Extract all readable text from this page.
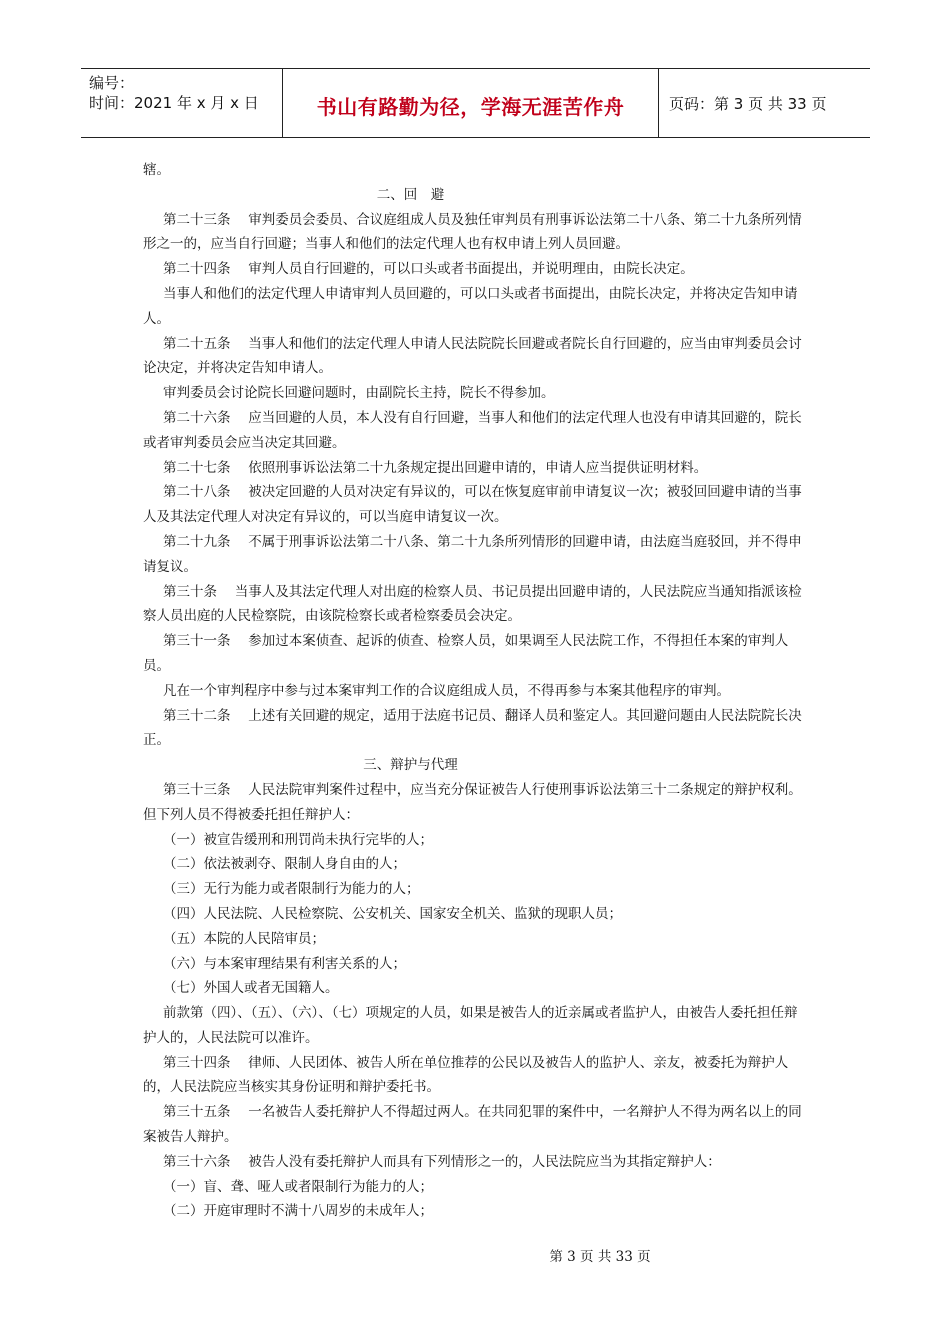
编号：
时间：2021 年 x 月 x 日	书山有路勤为径，学海无涯苦作舟	页码：第 3 页 共 33 页

辖。

二、回　避

第二十三条　 审判委员会委员、合议庭组成人员及独任审判员有刑事诉讼法第二十八条、第二十九条所列情形之一的，应当自行回避；当事人和他们的法定代理人也有权申请上列人员回避。

第二十四条　 审判人员自行回避的，可以口头或者书面提出，并说明理由，由院长决定。

当事人和他们的法定代理人申请审判人员回避的，可以口头或者书面提出，由院长决定，并将决定告知申请人。

第二十五条　 当事人和他们的法定代理人申请人民法院院长回避或者院长自行回避的，应当由审判委员会讨论决定，并将决定告知申请人。

审判委员会讨论院长回避问题时，由副院长主持，院长不得参加。

第二十六条　 应当回避的人员，本人没有自行回避，当事人和他们的法定代理人也没有申请其回避的，院长或者审判委员会应当决定其回避。

第二十七条　 依照刑事诉讼法第二十九条规定提出回避申请的，申请人应当提供证明材料。

第二十八条　 被决定回避的人员对决定有异议的，可以在恢复庭审前申请复议一次；被驳回回避申请的当事人及其法定代理人对决定有异议的，可以当庭申请复议一次。

第二十九条　 不属于刑事诉讼法第二十八条、第二十九条所列情形的回避申请，由法庭当庭驳回，并不得申请复议。

第三十条　 当事人及其法定代理人对出庭的检察人员、书记员提出回避申请的，人民法院应当通知指派该检察人员出庭的人民检察院，由该院检察长或者检察委员会决定。

第三十一条　 参加过本案侦查、起诉的侦查、检察人员，如果调至人民法院工作，不得担任本案的审判人员。

凡在一个审判程序中参与过本案审判工作的合议庭组成人员，不得再参与本案其他程序的审判。

第三十二条　 上述有关回避的规定，适用于法庭书记员、翻译人员和鉴定人。其回避问题由人民法院院长决正。

三、辩护与代理

第三十三条　 人民法院审判案件过程中，应当充分保证被告人行使刑事诉讼法第三十二条规定的辩护权利。但下列人员不得被委托担任辩护人：

（一）被宣告缓刑和刑罚尚未执行完毕的人；

（二）依法被剥夺、限制人身自由的人；

（三）无行为能力或者限制行为能力的人；

（四）人民法院、人民检察院、公安机关、国家安全机关、监狱的现职人员；

（五）本院的人民陪审员；

（六）与本案审理结果有利害关系的人；

（七）外国人或者无国籍人。

前款第（四）、（五）、（六）、（七）项规定的人员，如果是被告人的近亲属或者监护人，由被告人委托担任辩护人的，人民法院可以准许。

第三十四条　 律师、人民团体、被告人所在单位推荐的公民以及被告人的监护人、亲友，被委托为辩护人的，人民法院应当核实其身份证明和辩护委托书。

第三十五条　 一名被告人委托辩护人不得超过两人。在共同犯罪的案件中，一名辩护人不得为两名以上的同案被告人辩护。

第三十六条　 被告人没有委托辩护人而具有下列情形之一的，人民法院应当为其指定辩护人：

（一）盲、聋、哑人或者限制行为能力的人；

（二）开庭审理时不满十八周岁的未成年人；

第 3 页 共 33 页
